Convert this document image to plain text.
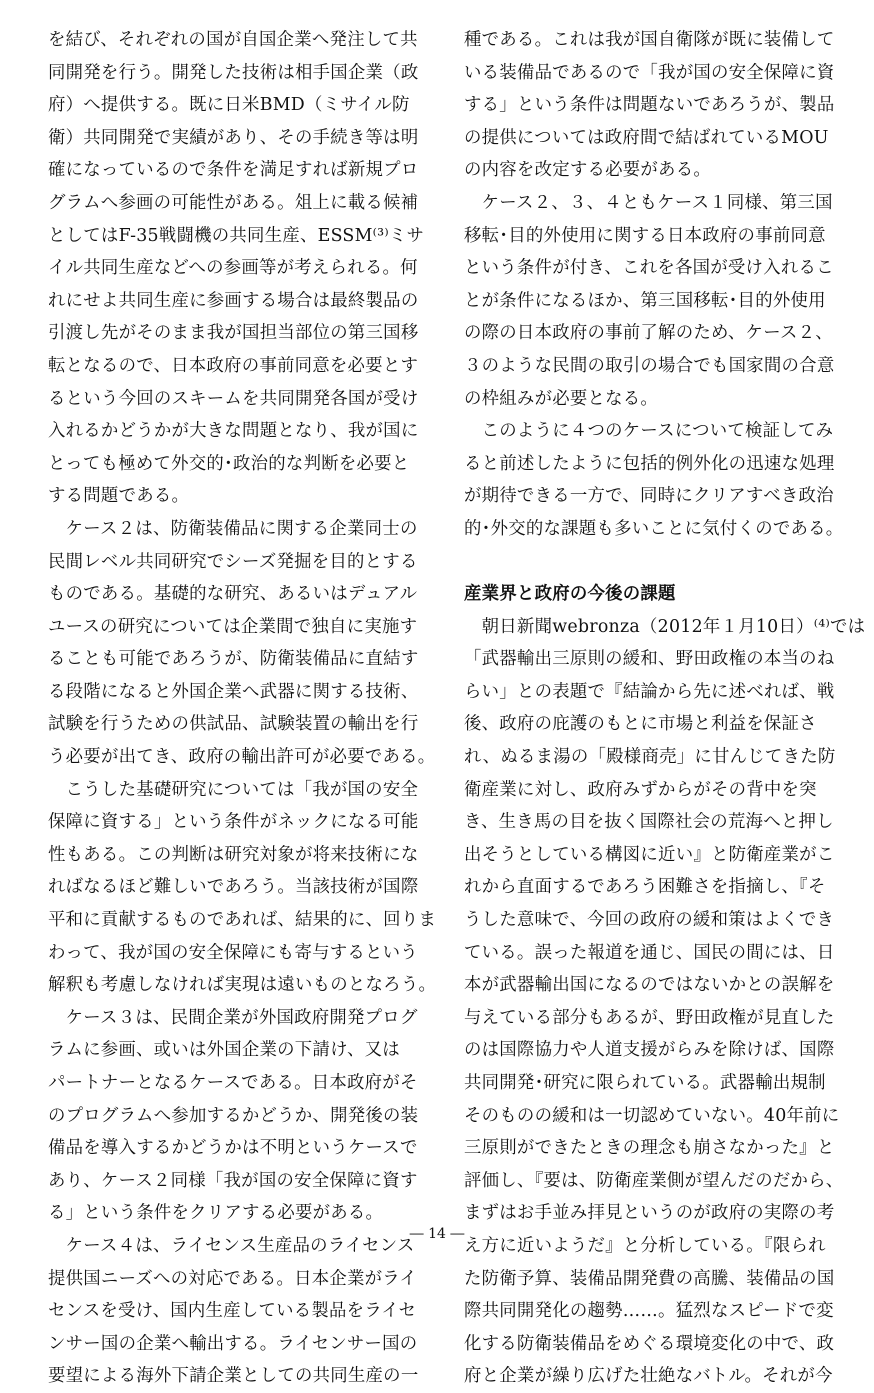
を結び、それぞれの国が自国企業へ発注して共
同開発を行う。開発した技術は相手国企業（政
府）へ提供する。既に日米BMD（ミサイル防
衛）共同開発で実績があり、その手続き等は明
確になっているので条件を満足すれば新規プロ
グラムへ参画の可能性がある。俎上に載る候補
としてはF-35戦闘機の共同生産、ESSM⁽³⁾ミサ
イル共同生産などへの参画等が考えられる。何
れにせよ共同生産に参画する場合は最終製品の
引渡し先がそのまま我が国担当部位の第三国移
転となるので、日本政府の事前同意を必要とす
るという今回のスキームを共同開発各国が受け
入れるかどうかが大きな問題となり、我が国に
とっても極めて外交的･政治的な判断を必要と
する問題である。
　ケース２は、防衛装備品に関する企業同士の
民間レベル共同研究でシーズ発掘を目的とする
ものである。基礎的な研究、あるいはデュアル
ユースの研究については企業間で独自に実施す
ることも可能であろうが、防衛装備品に直結す
る段階になると外国企業へ武器に関する技術、
試験を行うための供試品、試験装置の輸出を行
う必要が出てき、政府の輸出許可が必要である。
　こうした基礎研究については「我が国の安全
保障に資する」という条件がネックになる可能
性もある。この判断は研究対象が将来技術にな
ればなるほど難しいであろう。当該技術が国際
平和に貢献するものであれば、結果的に、回りま
わって、我が国の安全保障にも寄与するという
解釈も考慮しなければ実現は遠いものとなろう。
　ケース３は、民間企業が外国政府開発プログ
ラムに参画、或いは外国企業の下請け、又は
パートナーとなるケースである。日本政府がそ
のプログラムへ参加するかどうか、開発後の装
備品を導入するかどうかは不明というケースで
あり、ケース２同様「我が国の安全保障に資す
る」という条件をクリアする必要がある。
　ケース４は、ライセンス生産品のライセンス
提供国ニーズへの対応である。日本企業がライ
センスを受け、国内生産している製品をライセ
ンサー国の企業へ輸出する。ライセンサー国の
要望による海外下請企業としての共同生産の一
種である。これは我が国自衛隊が既に装備して
いる装備品であるので「我が国の安全保障に資
する」という条件は問題ないであろうが、製品
の提供については政府間で結ばれているMOU
の内容を改定する必要がある。
　ケース２、３、４ともケース１同様、第三国
移転･目的外使用に関する日本政府の事前同意
という条件が付き、これを各国が受け入れるこ
とが条件になるほか、第三国移転･目的外使用
の際の日本政府の事前了解のため、ケース２、
３のような民間の取引の場合でも国家間の合意
の枠組みが必要となる。
　このように４つのケースについて検証してみ
ると前述したように包括的例外化の迅速な処理
が期待できる一方で、同時にクリアすべき政治
的･外交的な課題も多いことに気付くのである。
産業界と政府の今後の課題
　朝日新聞webronza（2012年１月10日）⁽⁴⁾では
「武器輸出三原則の緩和、野田政権の本当のね
らい」との表題で『結論から先に述べれば、戦
後、政府の庇護のもとに市場と利益を保証さ
れ、ぬるま湯の「殿様商売」に甘んじてきた防
衛産業に対し、政府みずからがその背中を突
き、生き馬の目を抜く国際社会の荒海へと押し
出そうとしている構図に近い』と防衛産業がこ
れから直面するであろう困難さを指摘し、『そ
うした意味で、今回の政府の緩和策はよくでき
ている。誤った報道を通じ、国民の間には、日
本が武器輸出国になるのではないかとの誤解を
与えている部分もあるが、野田政権が見直した
のは国際協力や人道支援がらみを除けば、国際
共同開発･研究に限られている。武器輸出規制
そのものの緩和は一切認めていない。40年前に
三原則ができたときの理念も崩さなかった』と
評価し、『要は、防衛産業側が望んだのだから、
まずはお手並み拝見というのが政府の実際の考
え方に近いようだ』と分析している。『限られ
た防衛予算、装備品開発費の高騰、装備品の国
際共同開発化の趨勢……。猛烈なスピードで変
化する防衛装備品をめぐる環境変化の中で、政
府と企業が繰り広げた壮絶なバトル。それが今
― 14 ―
